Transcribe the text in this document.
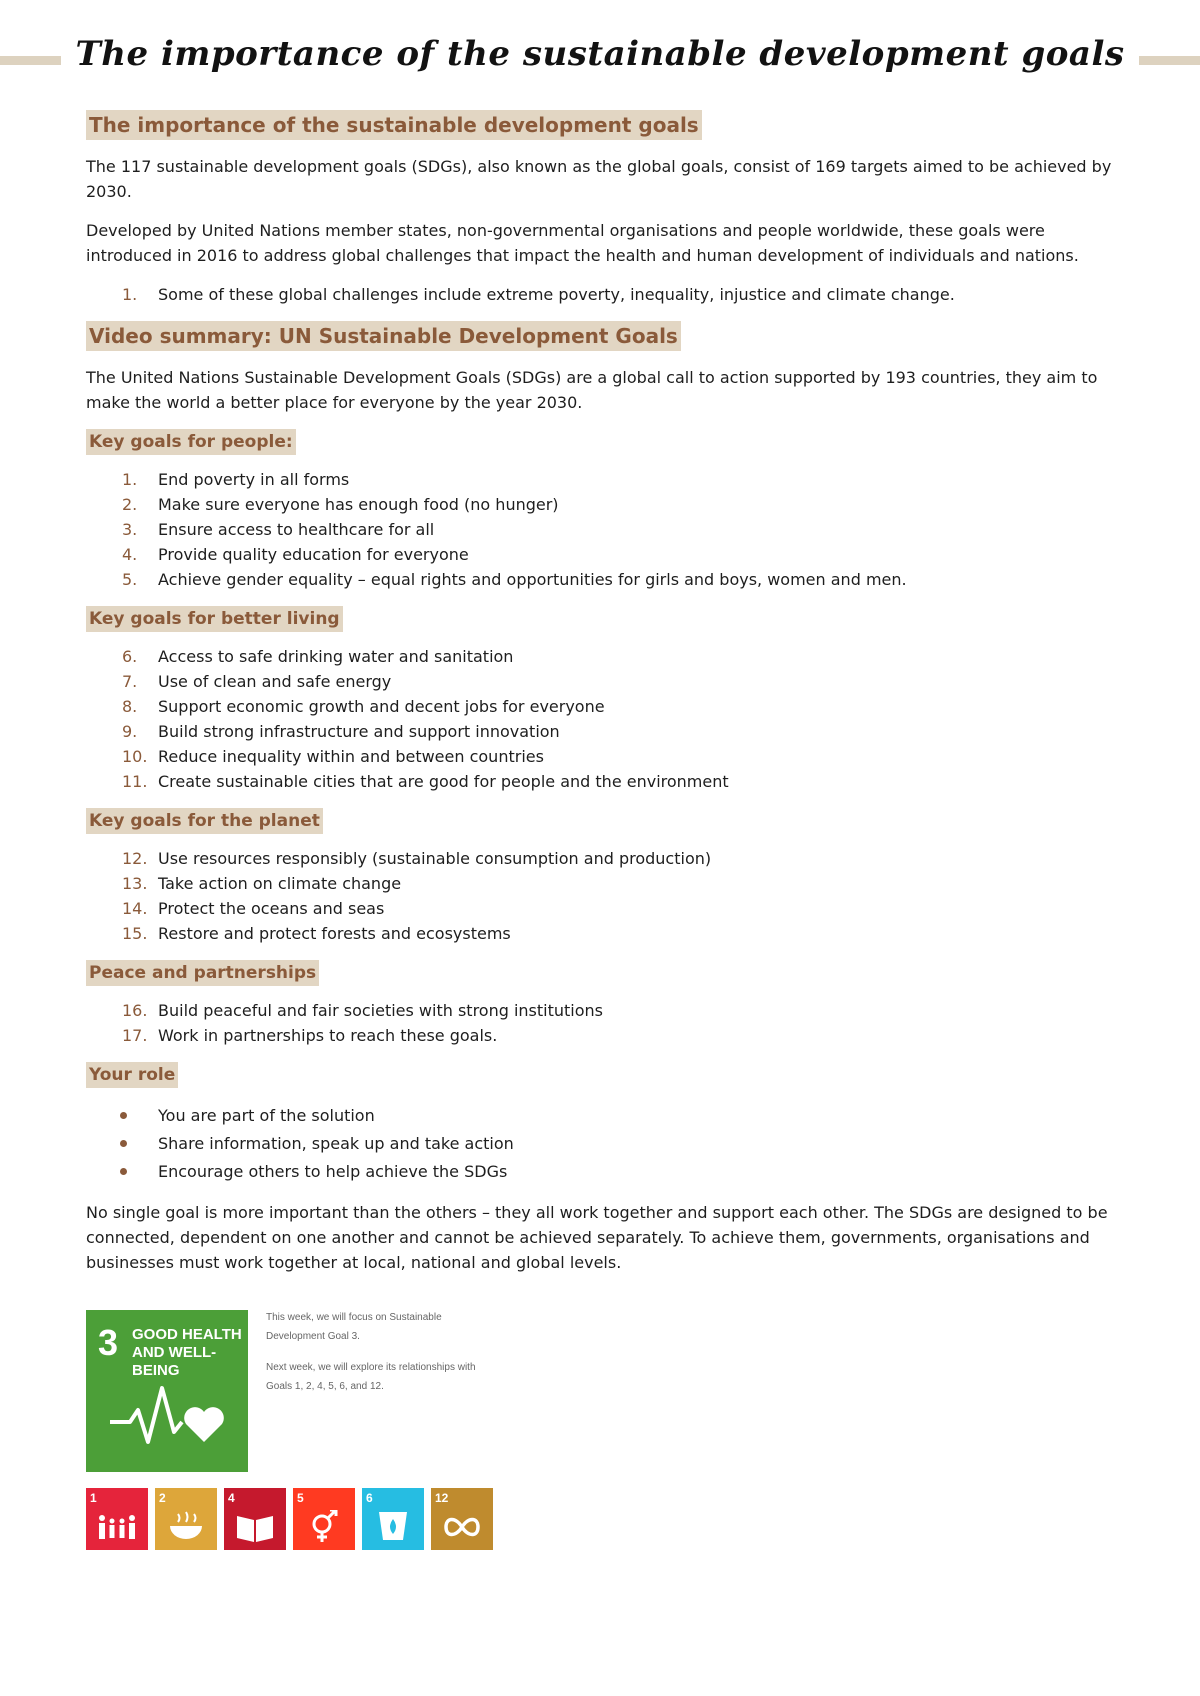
The importance of the sustainable development goals
The importance of the sustainable development goals

The 117 sustainable development goals (SDGs), also known as the global goals, consist of 169 targets aimed to be achieved by 2030.

Developed by United Nations member states, non-governmental organisations and people worldwide, these goals were introduced in 2016 to address global challenges that impact the health and human development of individuals and nations.

1.	Some of these global challenges include extreme poverty, inequality, injustice and climate change.
Video summary: UN Sustainable Development Goals

The United Nations Sustainable Development Goals (SDGs) are a global call to action supported by 193 countries, they aim to make the world a better place for everyone by the year 2030.

Key goals for people:
1.	End poverty in all forms
2.	Make sure everyone has enough food (no hunger)
3.	Ensure access to healthcare for all
4.	Provide quality education for everyone
5.	Achieve gender equality – equal rights and opportunities for girls and boys, women and men.
Key goals for better living
6.	Access to safe drinking water and sanitation
7.	Use of clean and safe energy
8.	Support economic growth and decent jobs for everyone
9.	Build strong infrastructure and support innovation
10. Reduce inequality within and between countries
11. Create sustainable cities that are good for people and the environment
Key goals for the planet
12. Use resources responsibly (sustainable consumption and production)
13. Take action on climate change
14. Protect the oceans and seas
15. Restore and protect forests and ecosystems
Peace and partnerships
16. Build peaceful and fair societies with strong institutions
17. Work in partnerships to reach these goals.
Your role
You are part of the solution
Share information, speak up and take action
Encourage others to help achieve the SDGs

No single goal is more important than the others – they all work together and support each other. The SDGs are designed to be connected, dependent on one another and cannot be achieved separately. To achieve them, governments, organisations and businesses must work together at local, national and global levels.

3 GOOD HEALTH
AND WELL-BEING

This week, we will focus on Sustainable Development Goal 3.

Next week, we will explore its relationships with Goals 1, 2, 4, 5, 6, and 12.

1	2	4	5	6	12
